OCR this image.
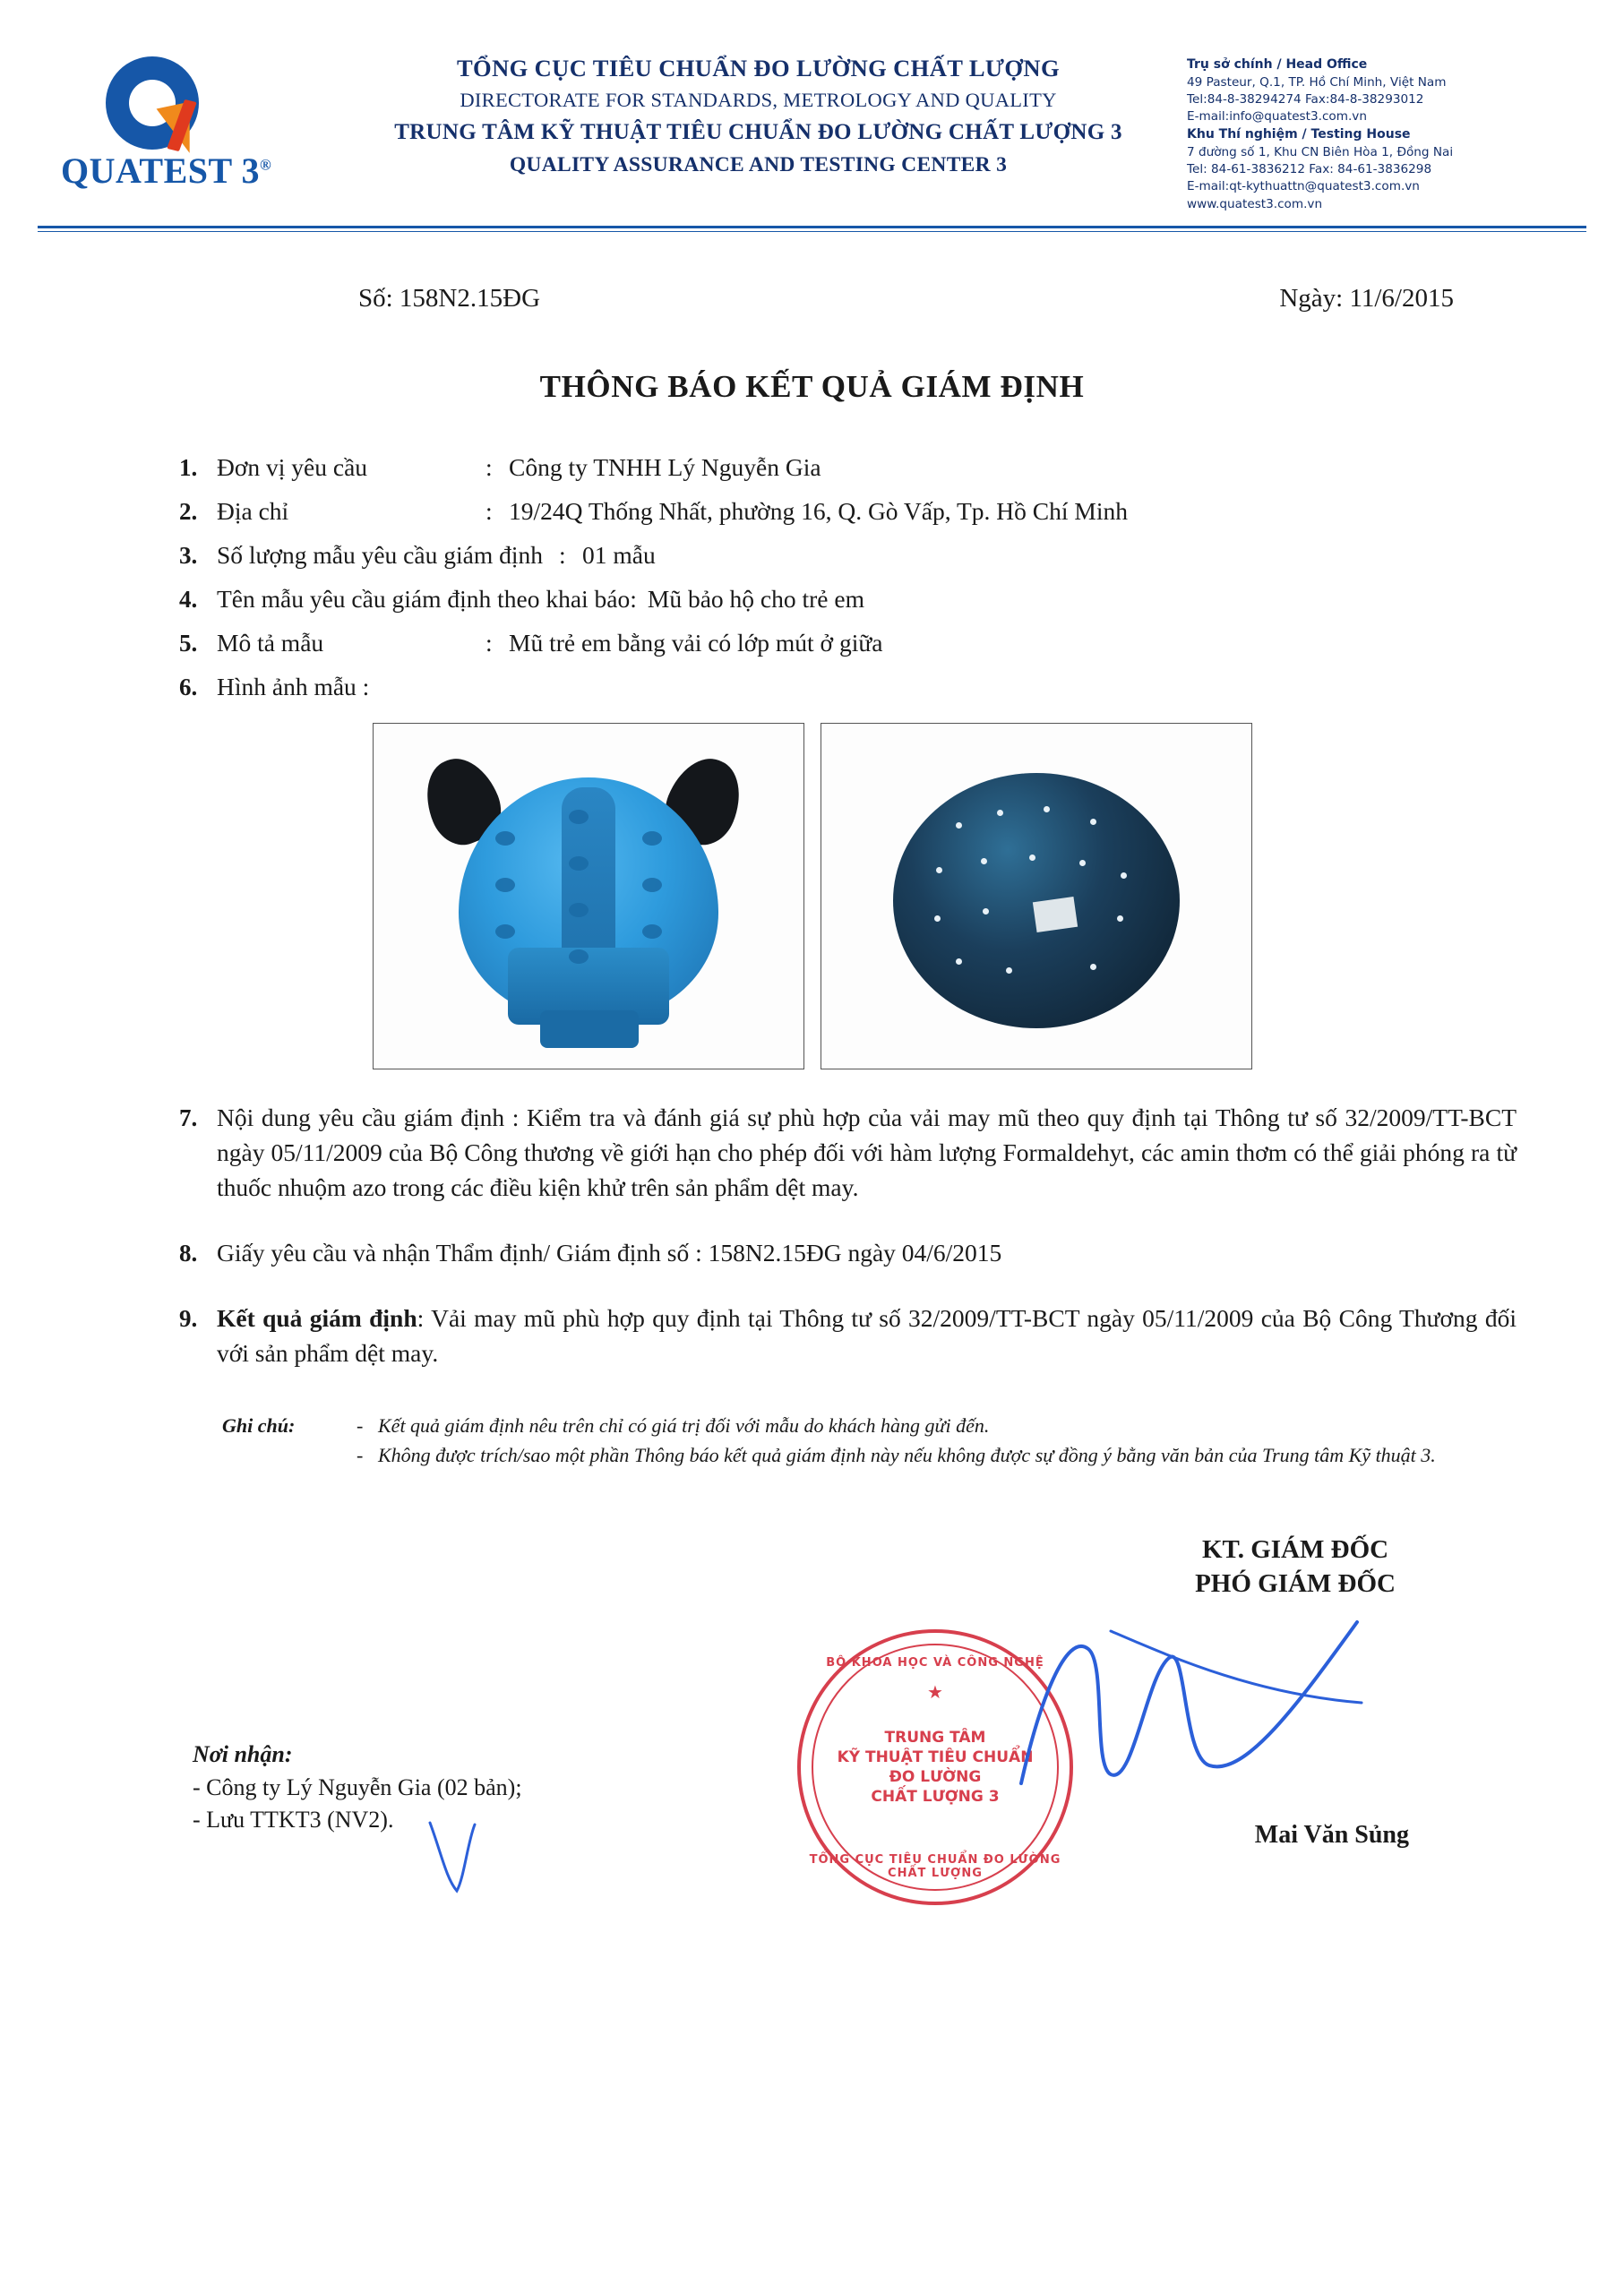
QUATEST 3®
TỔNG CỤC TIÊU CHUẨN ĐO LƯỜNG CHẤT LƯỢNG
DIRECTORATE FOR STANDARDS, METROLOGY AND QUALITY
TRUNG TÂM KỸ THUẬT TIÊU CHUẨN ĐO LƯỜNG CHẤT LƯỢNG 3
QUALITY ASSURANCE AND TESTING CENTER 3
Trụ sở chính / Head Office
49 Pasteur, Q.1, TP. Hồ Chí Minh, Việt Nam
Tel:84-8-38294274 Fax:84-8-38293012
E-mail:info@quatest3.com.vn
Khu Thí nghiệm / Testing House
7 đường số 1, Khu CN Biên Hòa 1, Đồng Nai
Tel: 84-61-3836212 Fax: 84-61-3836298
E-mail:qt-kythuattn@quatest3.com.vn
www.quatest3.com.vn
Số: 158N2.15ĐG	Ngày: 11/6/2015
THÔNG BÁO KẾT QUẢ GIÁM ĐỊNH
1. Đơn vị yêu cầu	: Công ty TNHH Lý Nguyễn Gia
2. Địa chỉ	: 19/24Q Thống Nhất, phường 16, Q. Gò Vấp, Tp. Hồ Chí Minh
3. Số lượng mẫu yêu cầu giám định : 01 mẫu
4. Tên mẫu yêu cầu giám định theo khai báo: Mũ bảo hộ cho trẻ em
5. Mô tả mẫu	: Mũ trẻ em bằng vải có lớp mút ở giữa
6. Hình ảnh mẫu :
7. Nội dung yêu cầu giám định : Kiểm tra và đánh giá sự phù hợp của vải may mũ theo quy định tại Thông tư số 32/2009/TT-BCT ngày 05/11/2009 của Bộ Công thương về giới hạn cho phép đối với hàm lượng Formaldehyt, các amin thơm có thể giải phóng ra từ thuốc nhuộm azo trong các điều kiện khử trên sản phẩm dệt may.
8. Giấy yêu cầu và nhận Thẩm định/ Giám định số : 158N2.15ĐG ngày 04/6/2015
9. Kết quả giám định: Vải may mũ phù hợp quy định tại Thông tư số 32/2009/TT-BCT ngày 05/11/2009 của Bộ Công Thương đối với sản phẩm dệt may.
Ghi chú:	- Kết quả giám định nêu trên chỉ có giá trị đối với mẫu do khách hàng gửi đến.
- Không được trích/sao một phần Thông báo kết quả giám định này nếu không được sự đồng ý bằng văn bản của Trung tâm Kỹ thuật 3.
KT. GIÁM ĐỐC
PHÓ GIÁM ĐỐC
BỘ KHOA HỌC VÀ CÔNG NGHỆ
★
TRUNG TÂM
KỸ THUẬT TIÊU CHUẨN
ĐO LƯỜNG
CHẤT LƯỢNG 3
TỔNG CỤC TIÊU CHUẨN ĐO LƯỜNG CHẤT LƯỢNG
Mai Văn Sủng
Nơi nhận:
- Công ty Lý Nguyễn Gia (02 bản);
- Lưu TTKT3 (NV2).
